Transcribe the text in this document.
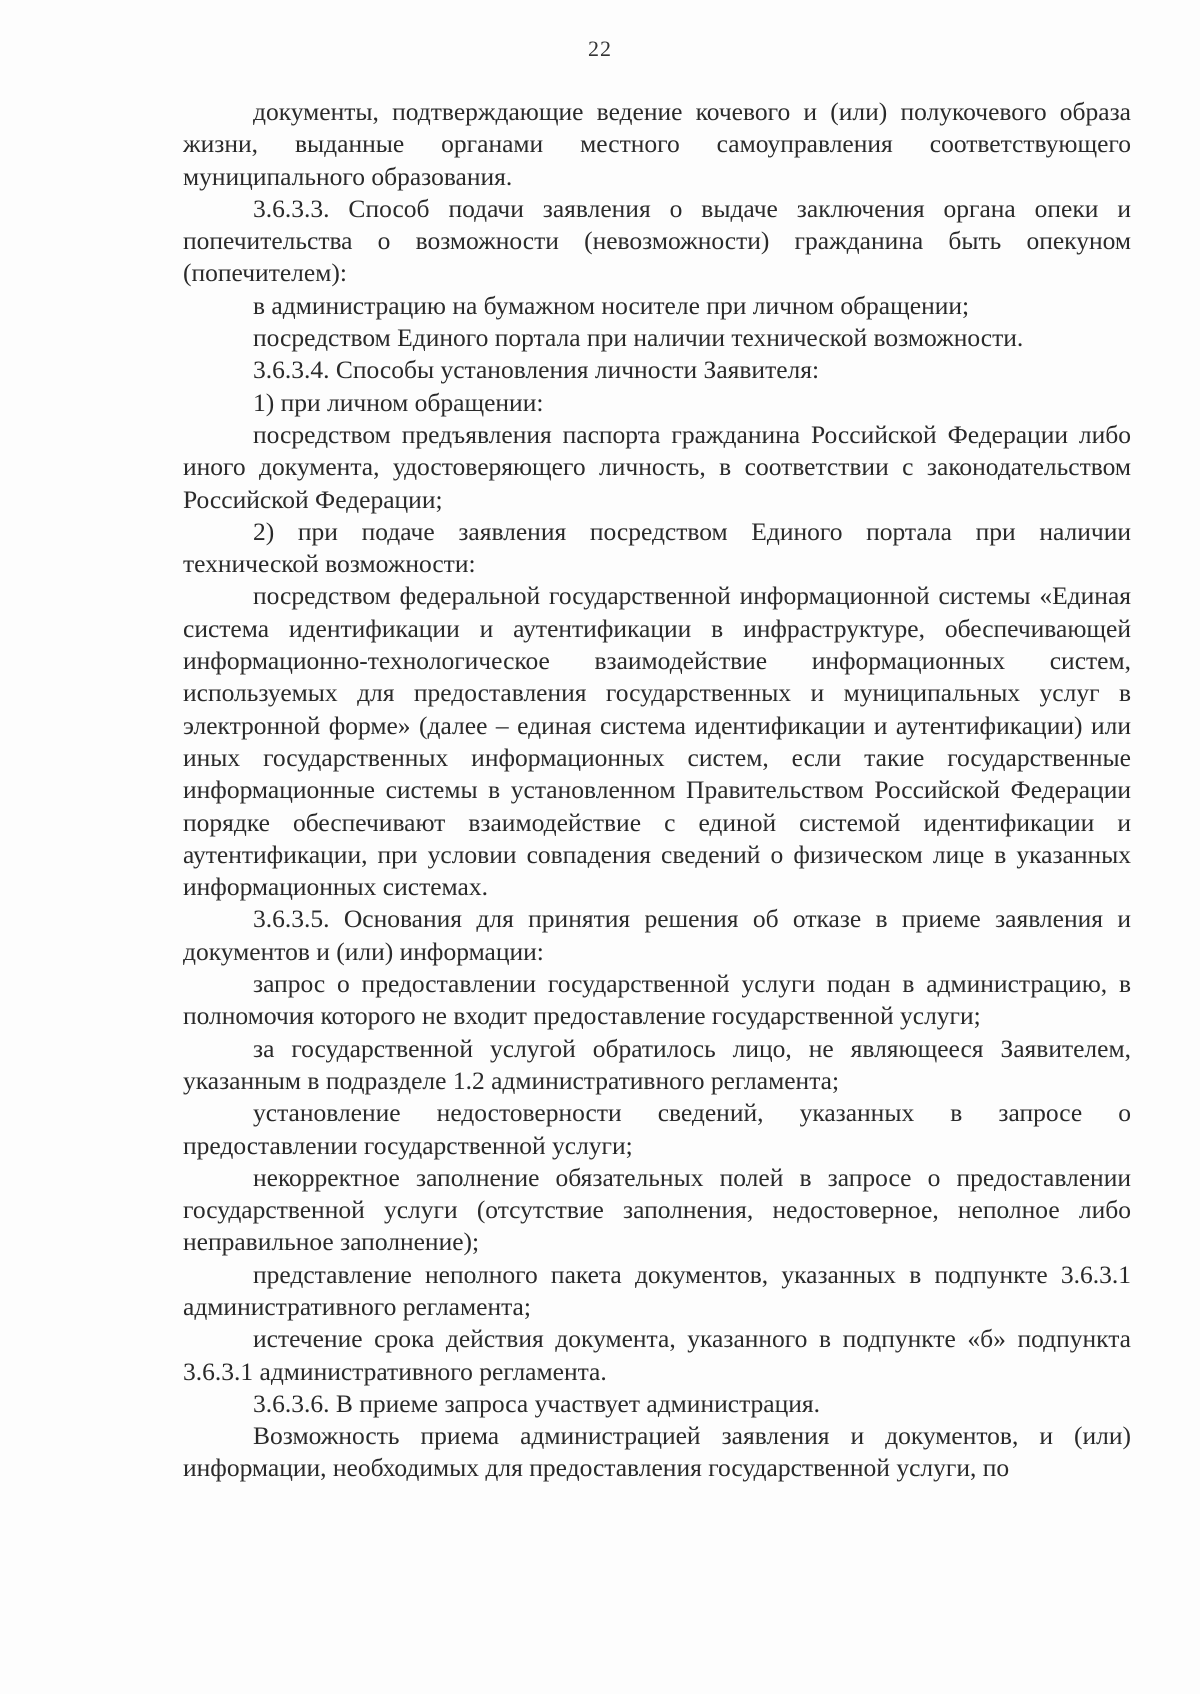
22

документы, подтверждающие ведение кочевого и (или) полукочевого образа жизни, выданные органами местного самоуправления соответствующего муниципального образования.

3.6.3.3. Способ подачи заявления о выдаче заключения органа опеки и попечительства о возможности (невозможности) гражданина быть опекуном (попечителем):

в администрацию на бумажном носителе при личном обращении;

посредством Единого портала при наличии технической возможности.

3.6.3.4. Способы установления личности Заявителя:

1) при личном обращении:

посредством предъявления паспорта гражданина Российской Федерации либо иного документа, удостоверяющего личность, в соответствии с законодательством Российской Федерации;

2) при подаче заявления посредством Единого портала при наличии технической возможности:

посредством федеральной государственной информационной системы «Единая система идентификации и аутентификации в инфраструктуре, обеспечивающей информационно-технологическое взаимодействие информационных систем, используемых для предоставления государственных и муниципальных услуг в электронной форме» (далее – единая система идентификации и аутентификации) или иных государственных информационных систем, если такие государственные информационные системы в установленном Правительством Российской Федерации порядке обеспечивают взаимодействие с единой системой идентификации и аутентификации, при условии совпадения сведений о физическом лице в указанных информационных системах.

3.6.3.5. Основания для принятия решения об отказе в приеме заявления и документов и (или) информации:

запрос о предоставлении государственной услуги подан в администрацию, в полномочия которого не входит предоставление государственной услуги;

за государственной услугой обратилось лицо, не являющееся Заявителем, указанным в подразделе 1.2 административного регламента;

установление недостоверности сведений, указанных в запросе о предоставлении государственной услуги;

некорректное заполнение обязательных полей в запросе о предоставлении государственной услуги (отсутствие заполнения, недостоверное, неполное либо неправильное заполнение);

представление неполного пакета документов, указанных в подпункте 3.6.3.1 административного регламента;

истечение срока действия документа, указанного в подпункте «б» подпункта 3.6.3.1 административного регламента.

3.6.3.6. В приеме запроса участвует администрация.

Возможность приема администрацией заявления и документов, и (или) информации, необходимых для предоставления государственной услуги, по
